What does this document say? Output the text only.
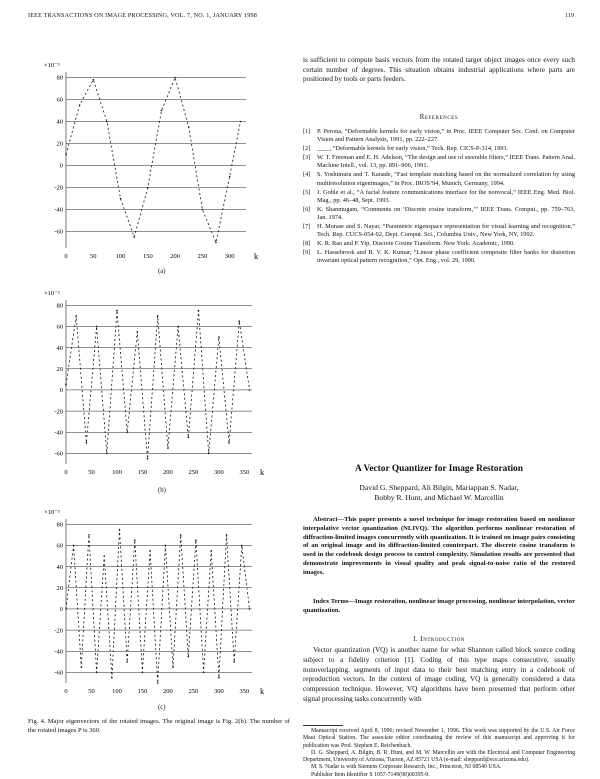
IEEE TRANSACTIONS ON IMAGE PROCESSING, VOL. 7, NO. 1, JANUARY 1998	119
×10⁻³
80
60
40
20
0
-20
-40
-60
0	50	100	150	200	250	300 k
(a)
×10⁻³
80
60
40
20
0
-20
-40
-60
0	50	100 150 200 250 300 350 k
(b)
×10⁻³
80
60
40
20
0
-20
-40
-60
0	50	100 150 200 250 300 350 k
(c)
Fig. 4. Major eigenvectors of the rotated images. The original image is Fig. 2(b). The number of the rotated images P is 360.
is sufficient to compute basis vectors from the rotated target object images once every such certain number of degrees. This situation obtains industrial applications where parts are positioned by tools or parts feeders.
References
[1]	P. Perona, “Deformable kernels for early vision,” in Proc. IEEE Computer Soc. Conf. on Computer Vision and Pattern Analysis, 1991, pp. 222–227.
[2]	____, “Deformable kernels for early vision,” Tech. Rep. CICS-P-314, 1991.
[3]	W. T. Freeman and E. H. Adelson, “The design and use of steerable filters,” IEEE Trans. Pattern Anal. Machine Intell., vol. 13, pp. 891–906, 1991.
[4]	S. Yoshimura and T. Kanade, “Fast template matching based on the normalized correlation by using multiresolution eigenimages,” in Proc. IROS’94, Munich, Germany, 1994.
[5]	J. Goble et al., “A facial feature communications interface for the nonvocal,” IEEE Eng. Med. Biol. Mag., pp. 46–48, Sept. 1993.
[6]	K. Shanmugam, “Comments on ‘Discrete cosine transform,’” IEEE Trans. Comput., pp. 759–763, Jan. 1974.
[7]	H. Murase and S. Nayar, “Parametric eigenspace representation for visual learning and recognition,” Tech. Rep. CUCS-054-92, Dept. Comput. Sci., Columbia Univ., New York, NY, 1992.
[8]	K. R. Rao and P. Yip, Discrete Cosine Transform. New York: Academic, 1990.
[9]	L. Hassebrook and B. V. K. Kumar, “Linear phase coefficient composite filter banks for distortion invariant optical pattern recognition,” Opt. Eng., vol. 29, 1990.
A Vector Quantizer for Image Restoration
David G. Sheppard, Ali Bilgin, Mariappan S. Nadar,
Bobby R. Hunt, and Michael W. Marcellin
Abstract—This paper presents a novel technique for image restoration based on nonlinear interpolative vector quantization (NLIVQ). The algorithm performs nonlinear restoration of diffraction-limited images concurrently with quantization. It is trained on image pairs consisting of an original image and its diffraction-limited counterpart. The discrete cosine transform is used in the codebook design process to control complexity. Simulation results are presented that demonstrate improvements in visual quality and peak signal-to-noise ratio of the restored images.
Index Terms—Image restoration, nonlinear image processing, nonlinear interpolation, vector quantization.
I. Introduction
Vector quantization (VQ) is another name for what Shannon called block source coding subject to a fidelity criterion [1]. Coding of this type maps consecutive, usually nonoverlapping, segments of input data to their best matching entry in a codebook of reproduction vectors. In the context of image coding, VQ is generally considered a data compression technique. However, VQ algorithms have been presented that perform other signal processing tasks concurrently with

Manuscript received April 8, 1996; revised November 1, 1996. This work was supported by the U.S. Air Force Maui Optical Station. The associate editor coordinating the review of this manuscript and approving it for publication was Prof. Stephen E. Reichenbach.

D. G. Sheppard, A. Bilgin, B. R. Hunt, and M. W. Marcellin are with the Electrical and Computer Engineering Department, University of Arizona, Tucson, AZ 85721 USA (e-mail: sheppard@ece.arizona.edu).

M. S. Nadar is with Siemens Corporate Research, Inc., Princeton, NJ 08540 USA.

Publisher Item Identifier S 1057-7149(98)00395-9.
